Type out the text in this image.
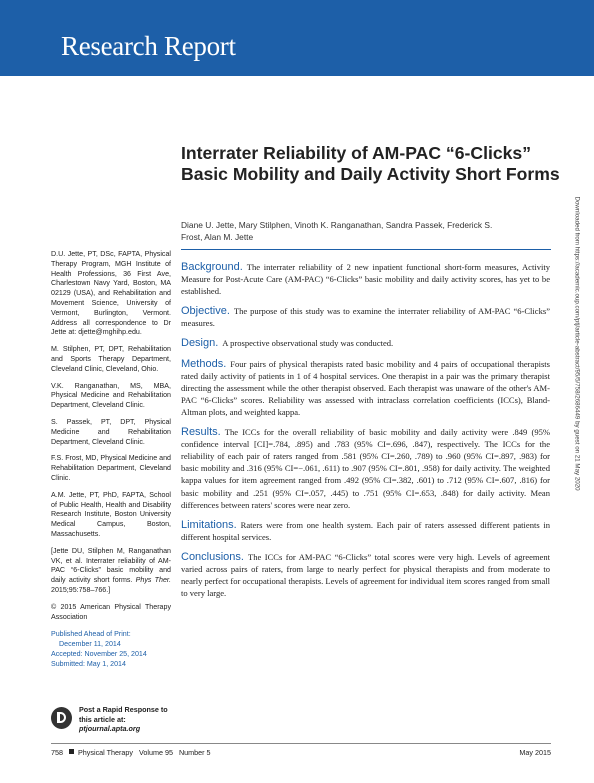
Research Report
Interrater Reliability of AM-PAC “6-Clicks” Basic Mobility and Daily Activity Short Forms
Diane U. Jette, Mary Stilphen, Vinoth K. Ranganathan, Sandra Passek, Frederick S. Frost, Alan M. Jette

Background. The interrater reliability of 2 new inpatient functional short-form measures, Activity Measure for Post-Acute Care (AM-PAC) “6-Clicks” basic mobility and daily activity scores, has yet to be established.

Objective. The purpose of this study was to examine the interrater reliability of AM-PAC “6-Clicks” measures.

Design. A prospective observational study was conducted.

Methods. Four pairs of physical therapists rated basic mobility and 4 pairs of occupational therapists rated daily activity of patients in 1 of 4 hospital services. One therapist in a pair was the primary therapist directing the assessment while the other therapist observed. Each therapist was unaware of the other's AM-PAC “6-Clicks” scores. Reliability was assessed with intraclass correlation coefficients (ICCs), Bland-Altman plots, and weighted kappa.

Results. The ICCs for the overall reliability of basic mobility and daily activity were .849 (95% confidence interval [CI]=.784, .895) and .783 (95% CI=.696, .847), respectively. The ICCs for the reliability of each pair of raters ranged from .581 (95% CI=.260, .789) to .960 (95% CI=.897, .983) for basic mobility and .316 (95% CI=−.061, .611) to .907 (95% CI=.801, .958) for daily activity. The weighted kappa values for item agreement ranged from .492 (95% CI=.382, .601) to .712 (95% CI=.607, .816) for basic mobility and .251 (95% CI=.057, .445) to .751 (95% CI=.653, .848) for daily activity. Mean differences between raters' scores were near zero.

Limitations. Raters were from one health system. Each pair of raters assessed different patients in different hospital services.

Conclusions. The ICCs for AM-PAC “6-Clicks” total scores were very high. Levels of agreement varied across pairs of raters, from large to nearly perfect for physical therapists and from moderate to nearly perfect for occupational therapists. Levels of agreement for individual item scores ranged from small to very large.

D.U. Jette, PT, DSc, FAPTA, Physical Therapy Program, MGH Institute of Health Professions, 36 First Ave, Charlestown Navy Yard, Boston, MA 02129 (USA), and Rehabilitation and Movement Science, University of Vermont, Burlington, Vermont. Address all correspondence to Dr Jette at: djette@mghihp.edu.

M. Stilphen, PT, DPT, Rehabilitation and Sports Therapy Department, Cleveland Clinic, Cleveland, Ohio.

V.K. Ranganathan, MS, MBA, Physical Medicine and Rehabilitation Department, Cleveland Clinic.

S. Passek, PT, DPT, Physical Medicine and Rehabilitation Department, Cleveland Clinic.

F.S. Frost, MD, Physical Medicine and Rehabilitation Department, Cleveland Clinic.

A.M. Jette, PT, PhD, FAPTA, School of Public Health, Health and Disability Research Institute, Boston University Medical Campus, Boston, Massachusetts.

[Jette DU, Stilphen M, Ranganathan VK, et al. Interrater reliability of AM-PAC “6-Clicks” basic mobility and daily activity short forms. Phys Ther. 2015;95:758–766.]

© 2015 American Physical Therapy Association

Published Ahead of Print:
December 11, 2014
Accepted: November 25, 2014
Submitted: May 1, 2014
Post a Rapid Response to
this article at:
ptjournal.apta.org
Downloaded from https://academic.oup.com/ptj/article-abstract/95/5/758/2686449 by guest on 21 May 2020
758 Physical Therapy Volume 95 Number 5	May 2015
